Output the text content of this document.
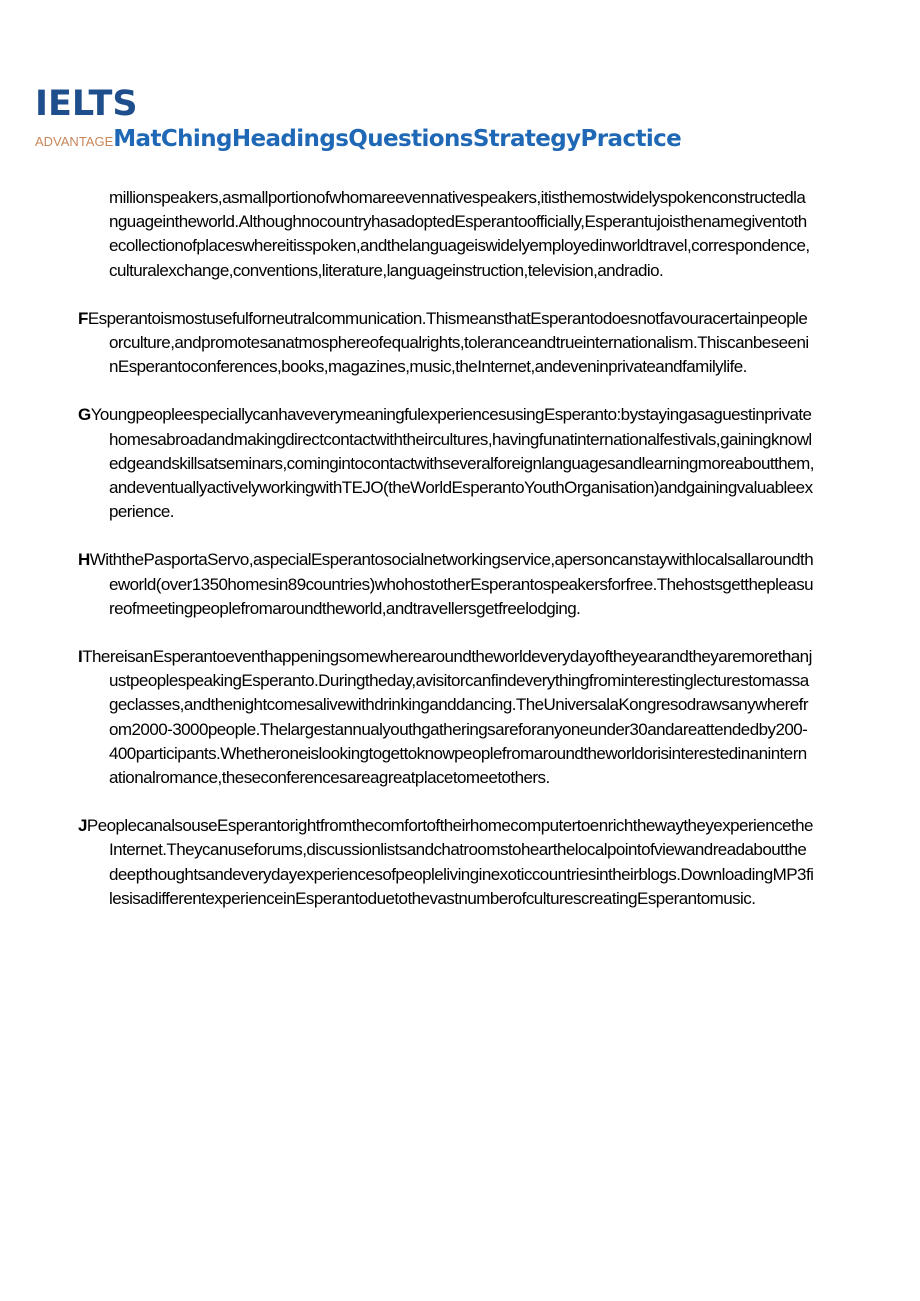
IELTS
ADVANTAGEMatChingHeadingsQuestionsStrategyPractice

millionspeakers,asmallportionofwhomareevennativespeakers,itisthemostwidelyspokenconstructedlanguageintheworld.AlthoughnocountryhasadoptedEsperantoofficially,Esperantujoisthenamegiventothecollectionofplaceswhereitisspoken,andthelanguageiswidelyemployedinworldtravel,correspondence,culturalexchange,conventions,literature,languageinstruction,television,andradio.

FEsperantoismostusefulforneutralcommunication.ThismeansthatEsperantodoesnotfavouracertainpeopleorculture,andpromotesanatmosphereofequalrights,toleranceandtrueinternationalism.ThiscanbeseeninEsperantoconferences,books,magazines,music,theInternet,andeveninprivateandfamilylife.

GYoungpeopleespeciallycanhaveverymeaningfulexperiencesusingEsperanto:bystayingasaguestinprivatehomesabroadandmakingdirectcontactwiththeircultures,havingfunatinternationalfestivals,gainingknowledgeandskillsatseminars,comingintocontactwithseveralforeignlanguagesandlearningmoreaboutthem,andeventuallyactivelyworkingwithTEJO(theWorldEsperantoYouthOrganisation)andgainingvaluableexperience.

HWiththePasportaServo,aspecialEsperantosocialnetworkingservice,apersoncanstaywithlocalsallaroundtheworld(over1350homesin89countries)whohostotherEsperantospeakersforfree.Thehostsgetthepleasureofmeetingpeoplefromaroundtheworld,andtravellersgetfreelodging.

IThereisanEsperantoeventhappeningsomewherearoundtheworldeverydayoftheyearandtheyaremorethanjustpeoplespeakingEsperanto.Duringtheday,avisitorcanfindeverythingfrominterestinglecturestomassageclasses,andthenightcomesalivewithdrinkinganddancing.TheUniversalaKongresodrawsanywherefrom2000-3000people.Thelargestannualyouthgatheringsareforanyoneunder30andareattendedby200-400participants.Whetheroneislookingtogettoknowpeoplefromaroundtheworldorisinterestedinaninternationalromance,theseconferencesareagreatplacetomeetothers.

JPeoplecanalsouseEsperantorightfromthecomfortoftheirhomecomputertoenrichthewaytheyexperiencetheInternet.Theycanuseforums,discussionlistsandchatroomstohearthelocalpointofviewandreadaboutthedeepthoughtsandeverydayexperiencesofpeoplelivinginexoticcountriesintheirblogs.DownloadingMP3filesisadifferentexperienceinEsperantoduetothevastnumberofculturescreatingEsperantomusic.
